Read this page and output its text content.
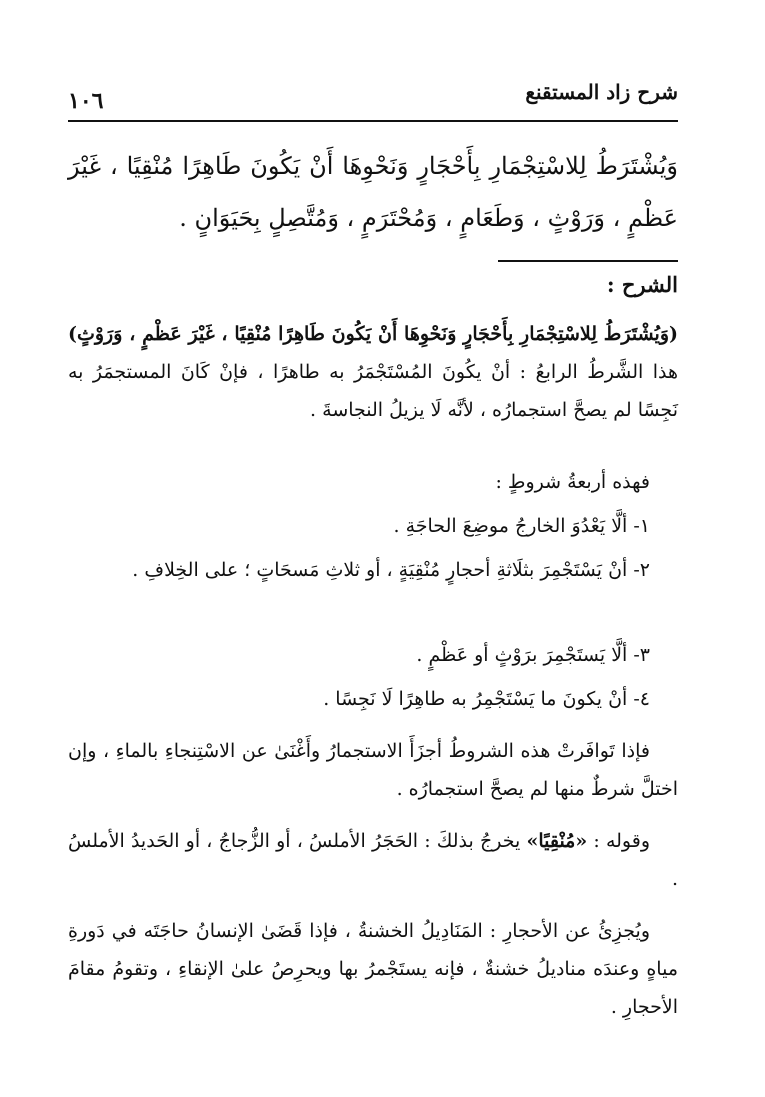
شرح زاد المستقنع
١٠٦
وَيُشْتَرَطُ لِلاسْتِجْمَارِ بِأَحْجَارٍ وَنَحْوِهَا أَنْ يَكُونَ طَاهِرًا مُنْقِيًا ، غَيْرَ عَظْمٍ ، وَرَوْثٍ ، وَطَعَامٍ ، وَمُحْتَرَمٍ ، وَمُتَّصِلٍ بِحَيَوَانٍ .
الشرح :
(وَيُشْتَرَطُ لِلاسْتِجْمَارِ بِأَحْجَارٍ وَنَحْوِهَا أَنْ يَكُونَ طَاهِرًا مُنْقِيًا ، غَيْرَ عَظْمٍ ، وَرَوْثٍ) هذا الشَّرطُ الرابعُ : أنْ يكُونَ المُسْتَجْمَرُ به طاهرًا ، فإنْ كَانَ المستجمَرُ به نَجِسًا لم يصحَّ استجمارُه ، لأنَّه لَا يزيلُ النجاسةَ .
فهذه أربعةُ شروطٍ :
١- ألَّا يَعْدُوَ الخارجُ موضِعَ الحاجَةِ .
٢- أنْ يَسْتَجْمِرَ بثلَاثةِ أحجارٍ مُنْقِيَةٍ ، أو ثلاثِ مَسحَاتٍ ؛ على الخِلافِ .
٣- ألَّا يَستَجْمِرَ برَوْثٍ أو عَظْمٍ .
٤- أنْ يكونَ ما يَسْتَجْمِرُ به طاهِرًا لَا نَجِسًا .
فإذا تَوافَرتْ هذه الشروطُ أجزَأَ الاستجمارُ وأَغْنَىٰ عن الاسْتِنجاءِ بالماءِ ، وإن اختلَّ شرطٌ منها لم يصحَّ استجمارُه .
وقوله : «مُنْقِيًا» يخرجُ بذلكَ : الحَجَرُ الأملسُ ، أو الزُّجاجُ ، أو الحَديدُ الأملسُ .
ويُجزِئُ عن الأحجارِ : المَنَادِيلُ الخشنةُ ، فإذا قَضَىٰ الإنسانُ حاجَتَه في دَورةِ مياهٍ وعندَه مناديلُ خشنةٌ ، فإنه يستَجْمرُ بها ويحرِصُ علىٰ الإنقاءِ ، وتقومُ مقامَ الأحجارِ .
